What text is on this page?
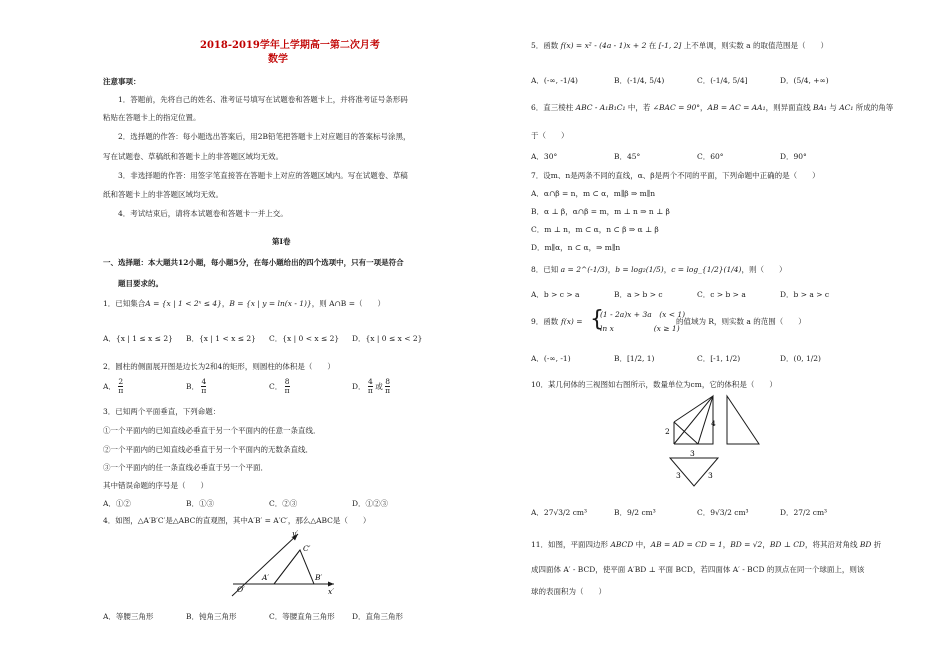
2018-2019学年上学期高一第二次月考
数学
注意事项：
1．答题前，先将自己的姓名、准考证号填写在试题卷和答题卡上，并将准考证号条形码
粘贴在答题卡上的指定位置。
2．选择题的作答：每小题选出答案后，用2B铅笔把答题卡上对应题目的答案标号涂黑，
写在试题卷、草稿纸和答题卡上的非答题区域均无效。
3．非选择题的作答：用签字笔直接答在答题卡上对应的答题区域内。写在试题卷、草稿
纸和答题卡上的非答题区域均无效。
4．考试结束后，请将本试题卷和答题卡一并上交。
第Ⅰ卷
一、选择题：本大题共12小题，每小题5分，在每小题给出的四个选项中，只有一项是符合
题目要求的。
1．已知集合A = {x | 1 < 2ˣ ≤ 4}，B = {x | y = ln(x - 1)}，则 A∩B =（　　）
A．{x | 1 ≤ x ≤ 2} B．{x | 1 < x ≤ 2} C．{x | 0 < x ≤ 2} D．{x | 0 ≤ x < 2}
2．圆柱的侧面展开图是边长为2和4的矩形，则圆柱的体积是（　　）
A． $\frac{2}{\pi}$	B． $\frac{4}{\pi}$	C． $\frac{8}{\pi}$	D． $\frac{4}{\pi}$ 或 $\frac{8}{\pi}$
3．已知两个平面垂直，下列命题：
①一个平面内的已知直线必垂直于另一个平面内的任意一条直线．
②一个平面内的已知直线必垂直于另一个平面内的无数条直线．
③一个平面内的任一条直线必垂直于另一个平面．
其中错误命题的序号是（　　）
A．①②	B．①③	C．②③	D．①②③
4．如图，△A′B′C′是△ABC的直观图，其中A′B′ = A′C′，那么△ABC是（　　）
y′
x′
O′
A′	B′
C′
A．等腰三角形	B．钝角三角形	C．等腰直角三角形 D．直角三角形
5．函数 f(x) = x² - (4a - 1)x + 2 在 [-1, 2] 上不单调，则实数 a 的取值范围是（　　）
A．(-∞, -1/4)	B．(-1/4, 5/4)	C．(-1/4, 5/4]	D．(5/4, +∞)
6．直三棱柱 ABC - A₁B₁C₁ 中，若 ∠BAC = 90°，AB = AC = AA₁，则异面直线 BA₁ 与 AC₁ 所成的角等
于（　　）
A．30°	B．45°	C．60°	D．90°
7．设m、n是两条不同的直线，α、β是两个不同的平面，下列命题中正确的是（　　）
A．α∩β = n，m ⊂ α，m∥β ⇒ m∥n
B．α ⊥ β，α∩β = m，m ⊥ n ⇒ n ⊥ β
C．m ⊥ n，m ⊂ α，n ⊂ β ⇒ α ⊥ β
D．m∥α，n ⊂ α，⇒ m∥n
8．已知 a = 2^(-1/3)，b = log₂(1/5)，c = log_{1/2}(1/4)，则（　　）
A．b > c > a	B．a > b > c	C．c > b > a	D．b > a > c
9．函数 f(x) = {
(1 - 2a)x + 3a　(x < 1)
ln x　　　　　 (x ≥ 1)
的值域为 R，则实数 a 的范围（　　）
A．(-∞, -1)	B．[1/2, 1)	C．[-1, 1/2)	D．(0, 1/2)
10．某几何体的三视图如右图所示，数量单位为cm，它的体积是（　　）
2
4
3
3	3
A．27√3/2 cm³	B．9/2 cm³	C．9√3/2 cm³	D．27/2 cm³
11．如图，平面四边形 ABCD 中，AB = AD = CD = 1，BD = √2，BD ⊥ CD，将其沿对角线 BD 折
成四面体 A′ - BCD，使平面 A′BD ⊥ 平面 BCD，若四面体 A′ - BCD 的顶点在同一个球面上，则该
球的表面积为（　　）
